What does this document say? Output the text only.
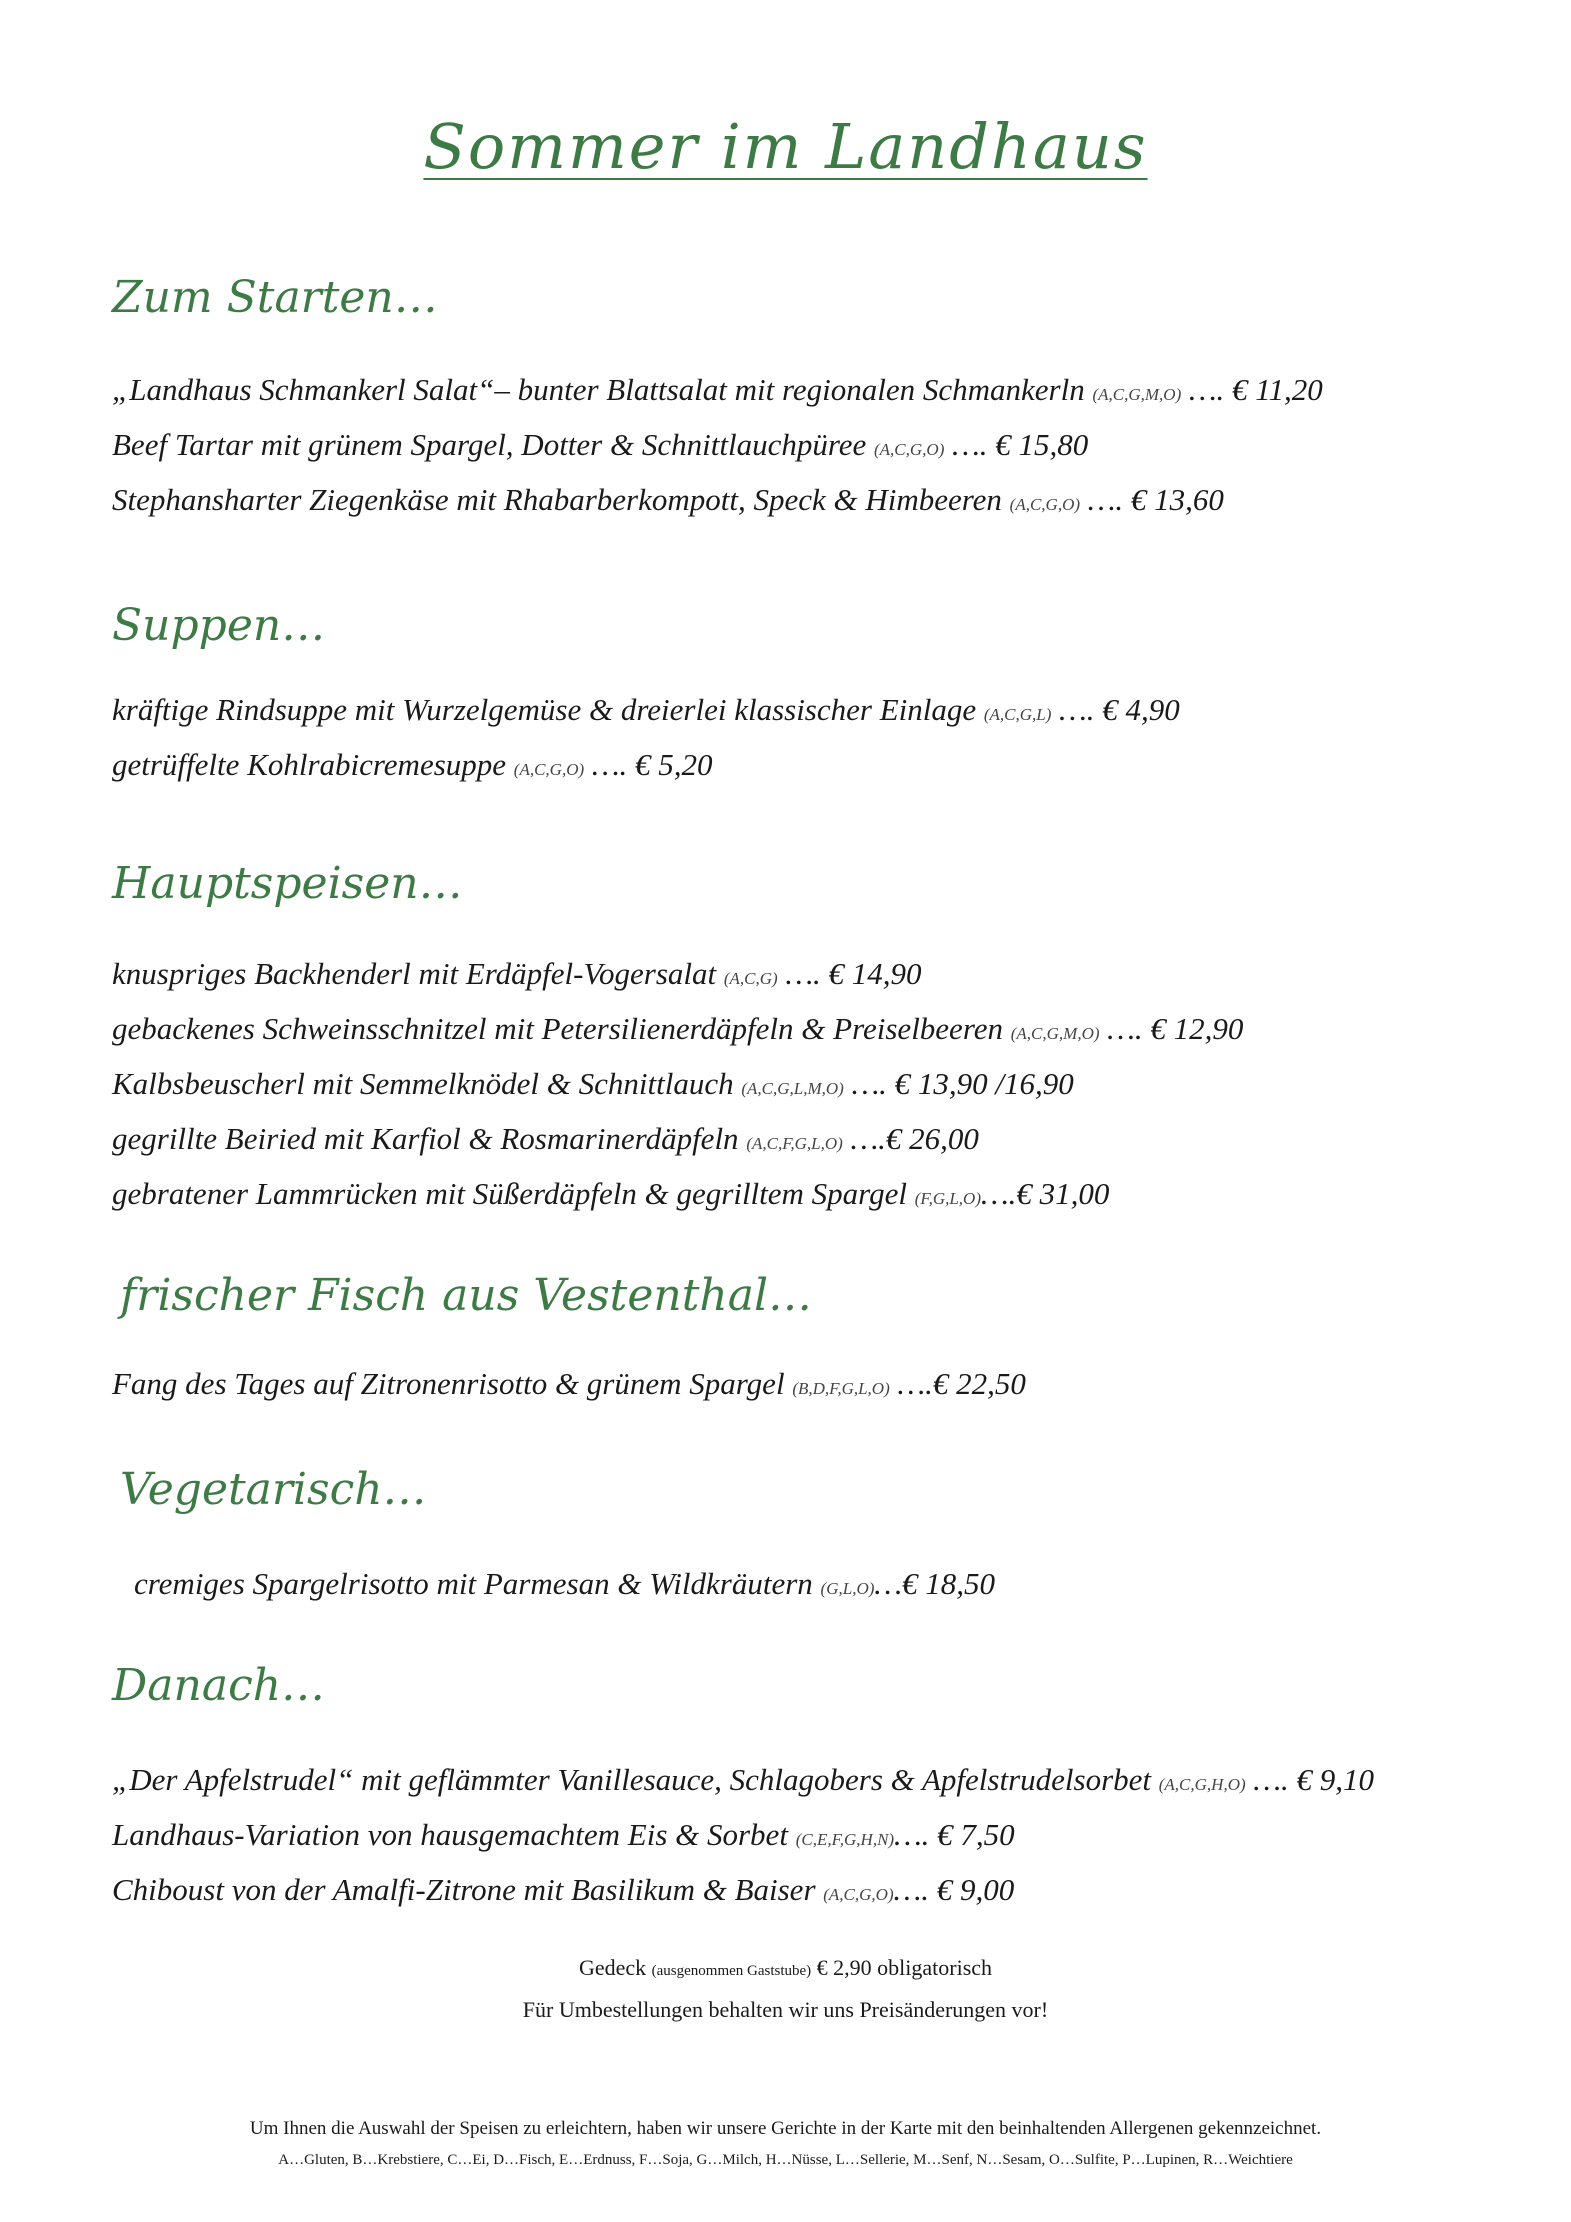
Sommer im Landhaus
Zum Starten…
„Landhaus Schmankerl Salat“– bunter Blattsalat mit regionalen Schmankerln (A,C,G,M,O) …. € 11,20
Beef Tartar mit grünem Spargel, Dotter & Schnittlauchpüree (A,C,G,O) …. € 15,80
Stephansharter Ziegenkäse mit Rhabarberkompott, Speck & Himbeeren (A,C,G,O) …. € 13,60
Suppen…
kräftige Rindsuppe mit Wurzelgemüse & dreierlei klassischer Einlage (A,C,G,L) …. € 4,90
getrüffelte Kohlrabicremesuppe (A,C,G,O) …. € 5,20
Hauptspeisen…
knuspriges Backhenderl mit Erdäpfel-Vogersalat (A,C,G) …. € 14,90
gebackenes Schweinsschnitzel mit Petersilienerdäpfeln & Preiselbeeren (A,C,G,M,O) …. € 12,90
Kalbsbeuscherl mit Semmelknödel & Schnittlauch (A,C,G,L,M,O) …. € 13,90 /16,90
gegrillte Beiried mit Karfiol & Rosmarinerdäpfeln (A,C,F,G,L,O) ….€ 26,00
gebratener Lammrücken mit Süßerdäpfeln & gegrilltem Spargel (F,G,L,O)….€ 31,00
frischer Fisch aus Vestenthal…
Fang des Tages auf Zitronenrisotto & grünem Spargel (B,D,F,G,L,O) ….€ 22,50
Vegetarisch…
cremiges Spargelrisotto mit Parmesan & Wildkräutern (G,L,O)…€ 18,50
Danach…
„Der Apfelstrudel“ mit geflämmter Vanillesauce, Schlagobers & Apfelstrudelsorbet (A,C,G,H,O) …. € 9,10
Landhaus-Variation von hausgemachtem Eis & Sorbet (C,E,F,G,H,N)…. € 7,50
Chiboust von der Amalfi-Zitrone mit Basilikum & Baiser (A,C,G,O)…. € 9,00
Gedeck (ausgenommen Gaststube) € 2,90 obligatorisch
Für Umbestellungen behalten wir uns Preisänderungen vor!
Um Ihnen die Auswahl der Speisen zu erleichtern, haben wir unsere Gerichte in der Karte mit den beinhaltenden Allergenen gekennzeichnet.
A…Gluten, B…Krebstiere, C…Ei, D…Fisch, E…Erdnuss, F…Soja, G…Milch, H…Nüsse, L…Sellerie, M…Senf, N…Sesam, O…Sulfite, P…Lupinen, R…Weichtiere
